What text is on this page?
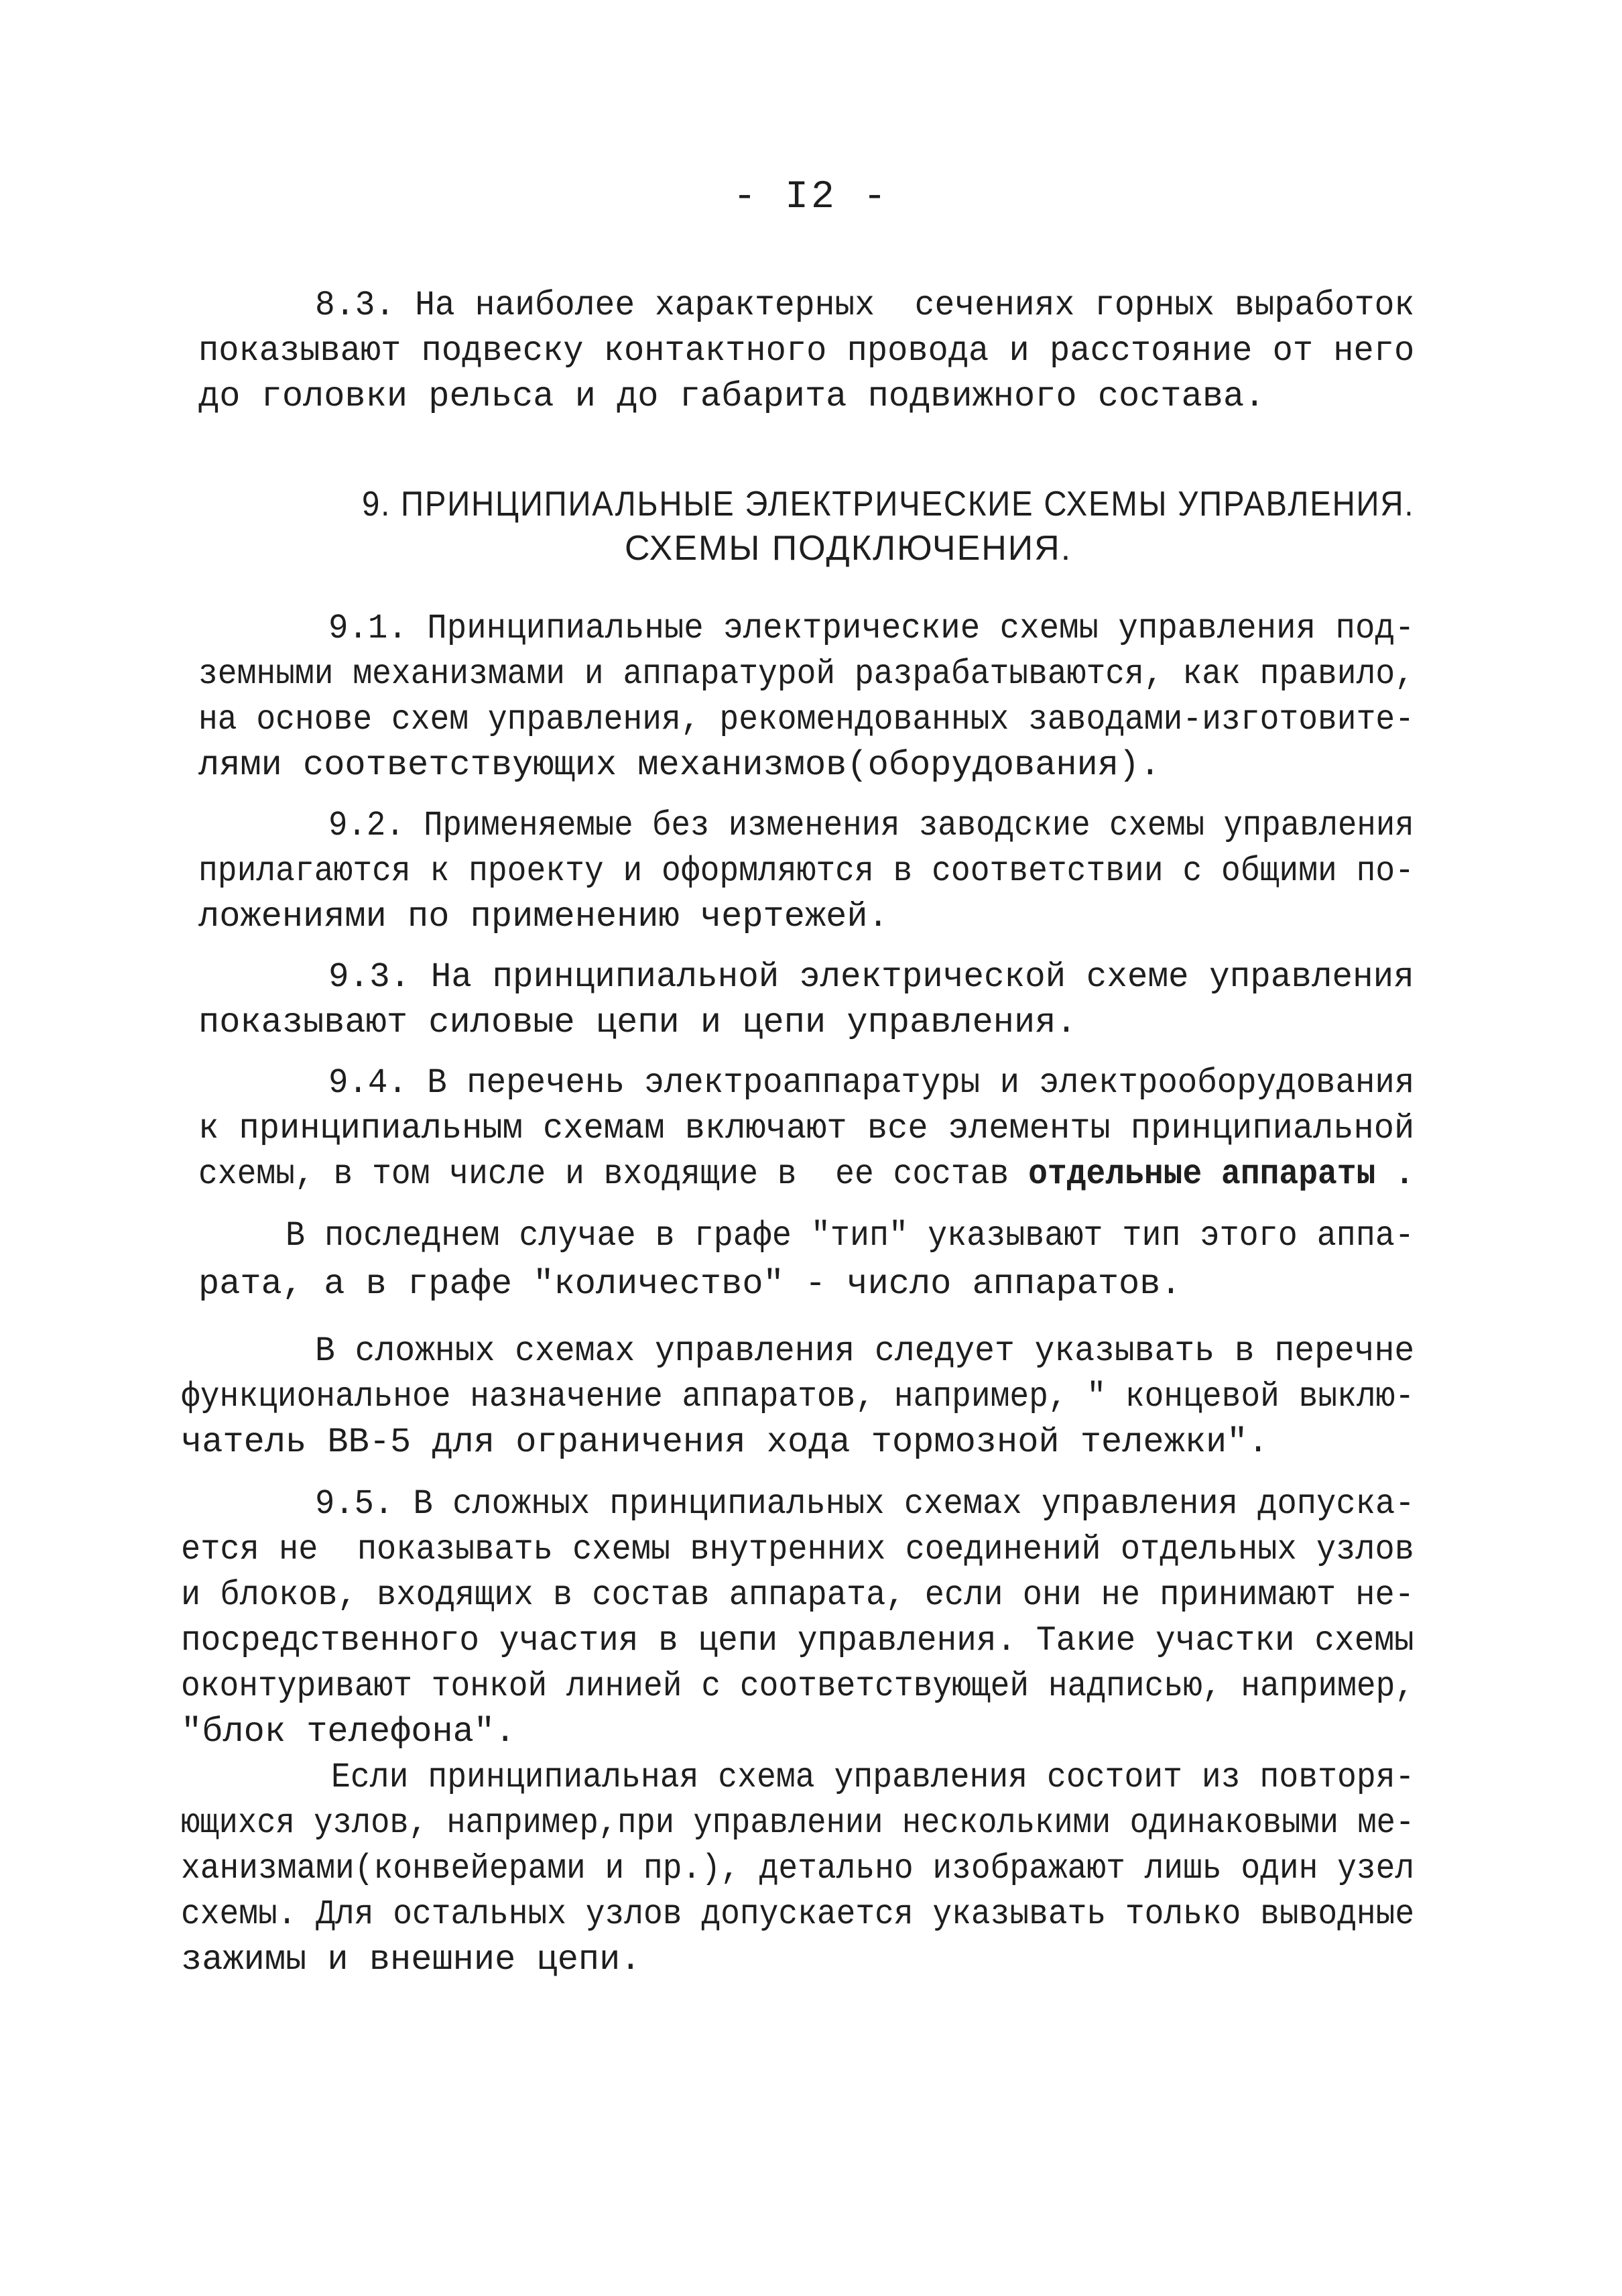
- I2 -
8.3. На наиболее характерных  сечениях горных выработок
показывают подвеску контактного провода и расстояние от него
до головки рельса и до габарита подвижного состава.
9. ПРИНЦИПИАЛЬНЫЕ ЭЛЕКТРИЧЕСКИЕ СХЕМЫ УПРАВЛЕНИЯ.
СХЕМЫ ПОДКЛЮЧЕНИЯ.
9.1. Принципиальные электрические схемы управления под-
земными механизмами и аппаратурой разрабатываются, как правило,
на основе схем управления, рекомендованных заводами-изготовите-
лями соответствующих механизмов(оборудования).
9.2. Применяемые без изменения заводские схемы управления
прилагаются к проекту и оформляются в соответствии с общими по-
ложениями по применению чертежей.
9.3. На принципиальной электрической схеме управления
показывают силовые цепи и цепи управления.
9.4. В перечень электроаппаратуры и электрооборудования
к принципиальным схемам включают все элементы принципиальной
схемы, в том числе и входящие в  ее состав отдельные аппараты .
В последнем случае в графе "тип" указывают тип этого аппа-
рата, а в графе "количество" - число аппаратов.
В сложных схемах управления следует указывать в перечне
функциональное назначение аппаратов, например, " концевой выклю-
чатель ВВ-5 для ограничения хода тормозной тележки".
9.5. В сложных принципиальных схемах управления допуска-
ется не  показывать схемы внутренних соединений отдельных узлов
и блоков, входящих в состав аппарата, если они не принимают не-
посредственного участия в цепи управления. Такие участки схемы
оконтуривают тонкой линией с соответствующей надписью, например,
"блок телефона".
Если принципиальная схема управления состоит из повторя-
ющихся узлов, например,при управлении несколькими одинаковыми ме-
ханизмами(конвейерами и пр.), детально изображают лишь один узел
схемы. Для остальных узлов допускается указывать только выводные
зажимы и внешние цепи.
